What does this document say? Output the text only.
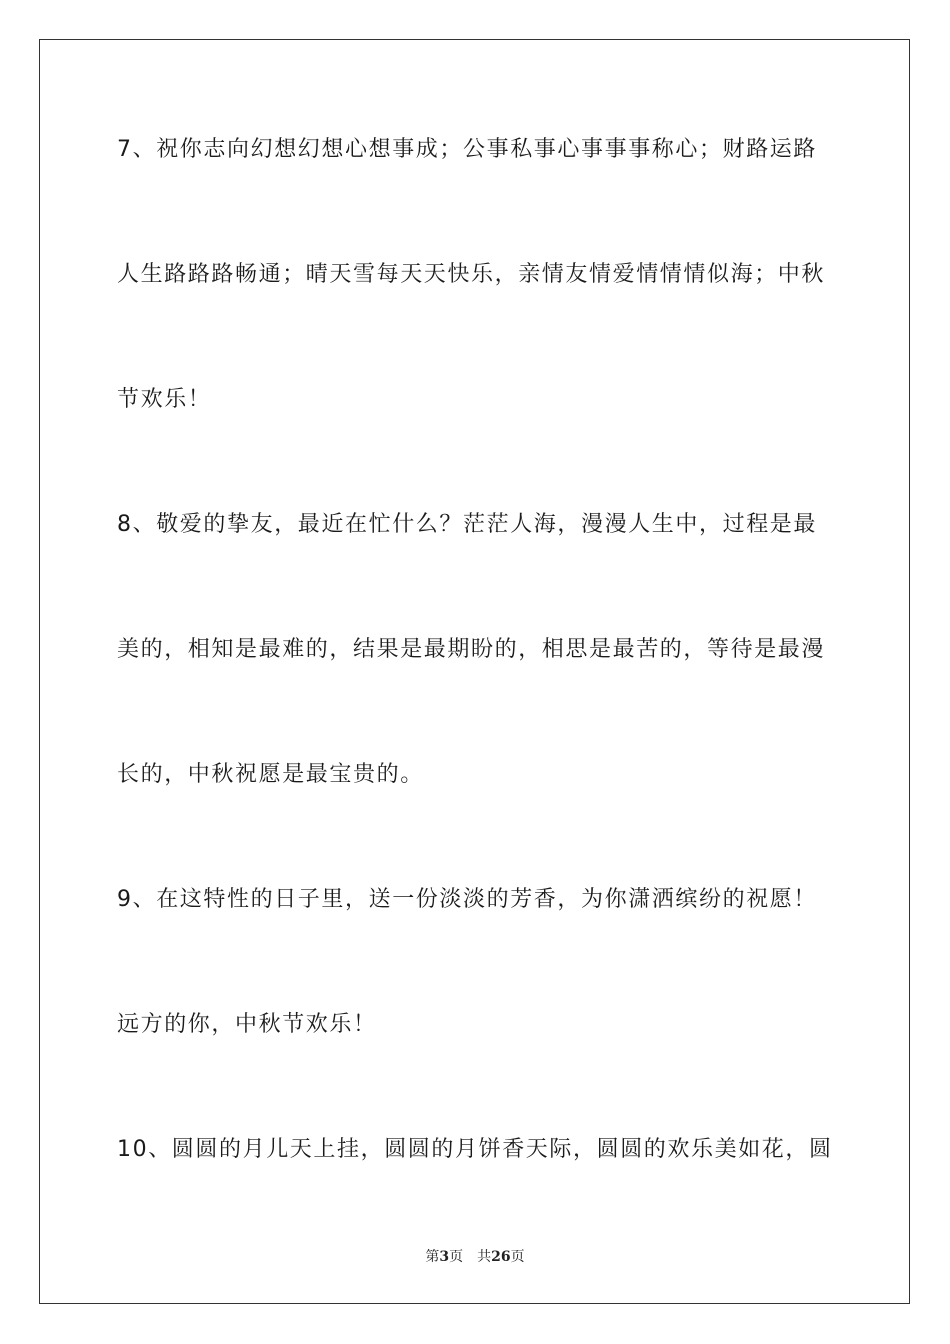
7、祝你志向幻想幻想心想事成；公事私事心事事事称心；财路运路
人生路路路畅通；晴天雪每天天快乐，亲情友情爱情情情似海；中秋
节欢乐！
8、敬爱的挚友，最近在忙什么？茫茫人海，漫漫人生中，过程是最
美的，相知是最难的，结果是最期盼的，相思是最苦的，等待是最漫
长的，中秋祝愿是最宝贵的。
9、在这特性的日子里，送一份淡淡的芳香，为你潇洒缤纷的祝愿！
远方的你，中秋节欢乐！
10、圆圆的月儿天上挂，圆圆的月饼香天际，圆圆的欢乐美如花，圆
第3页 共26页
